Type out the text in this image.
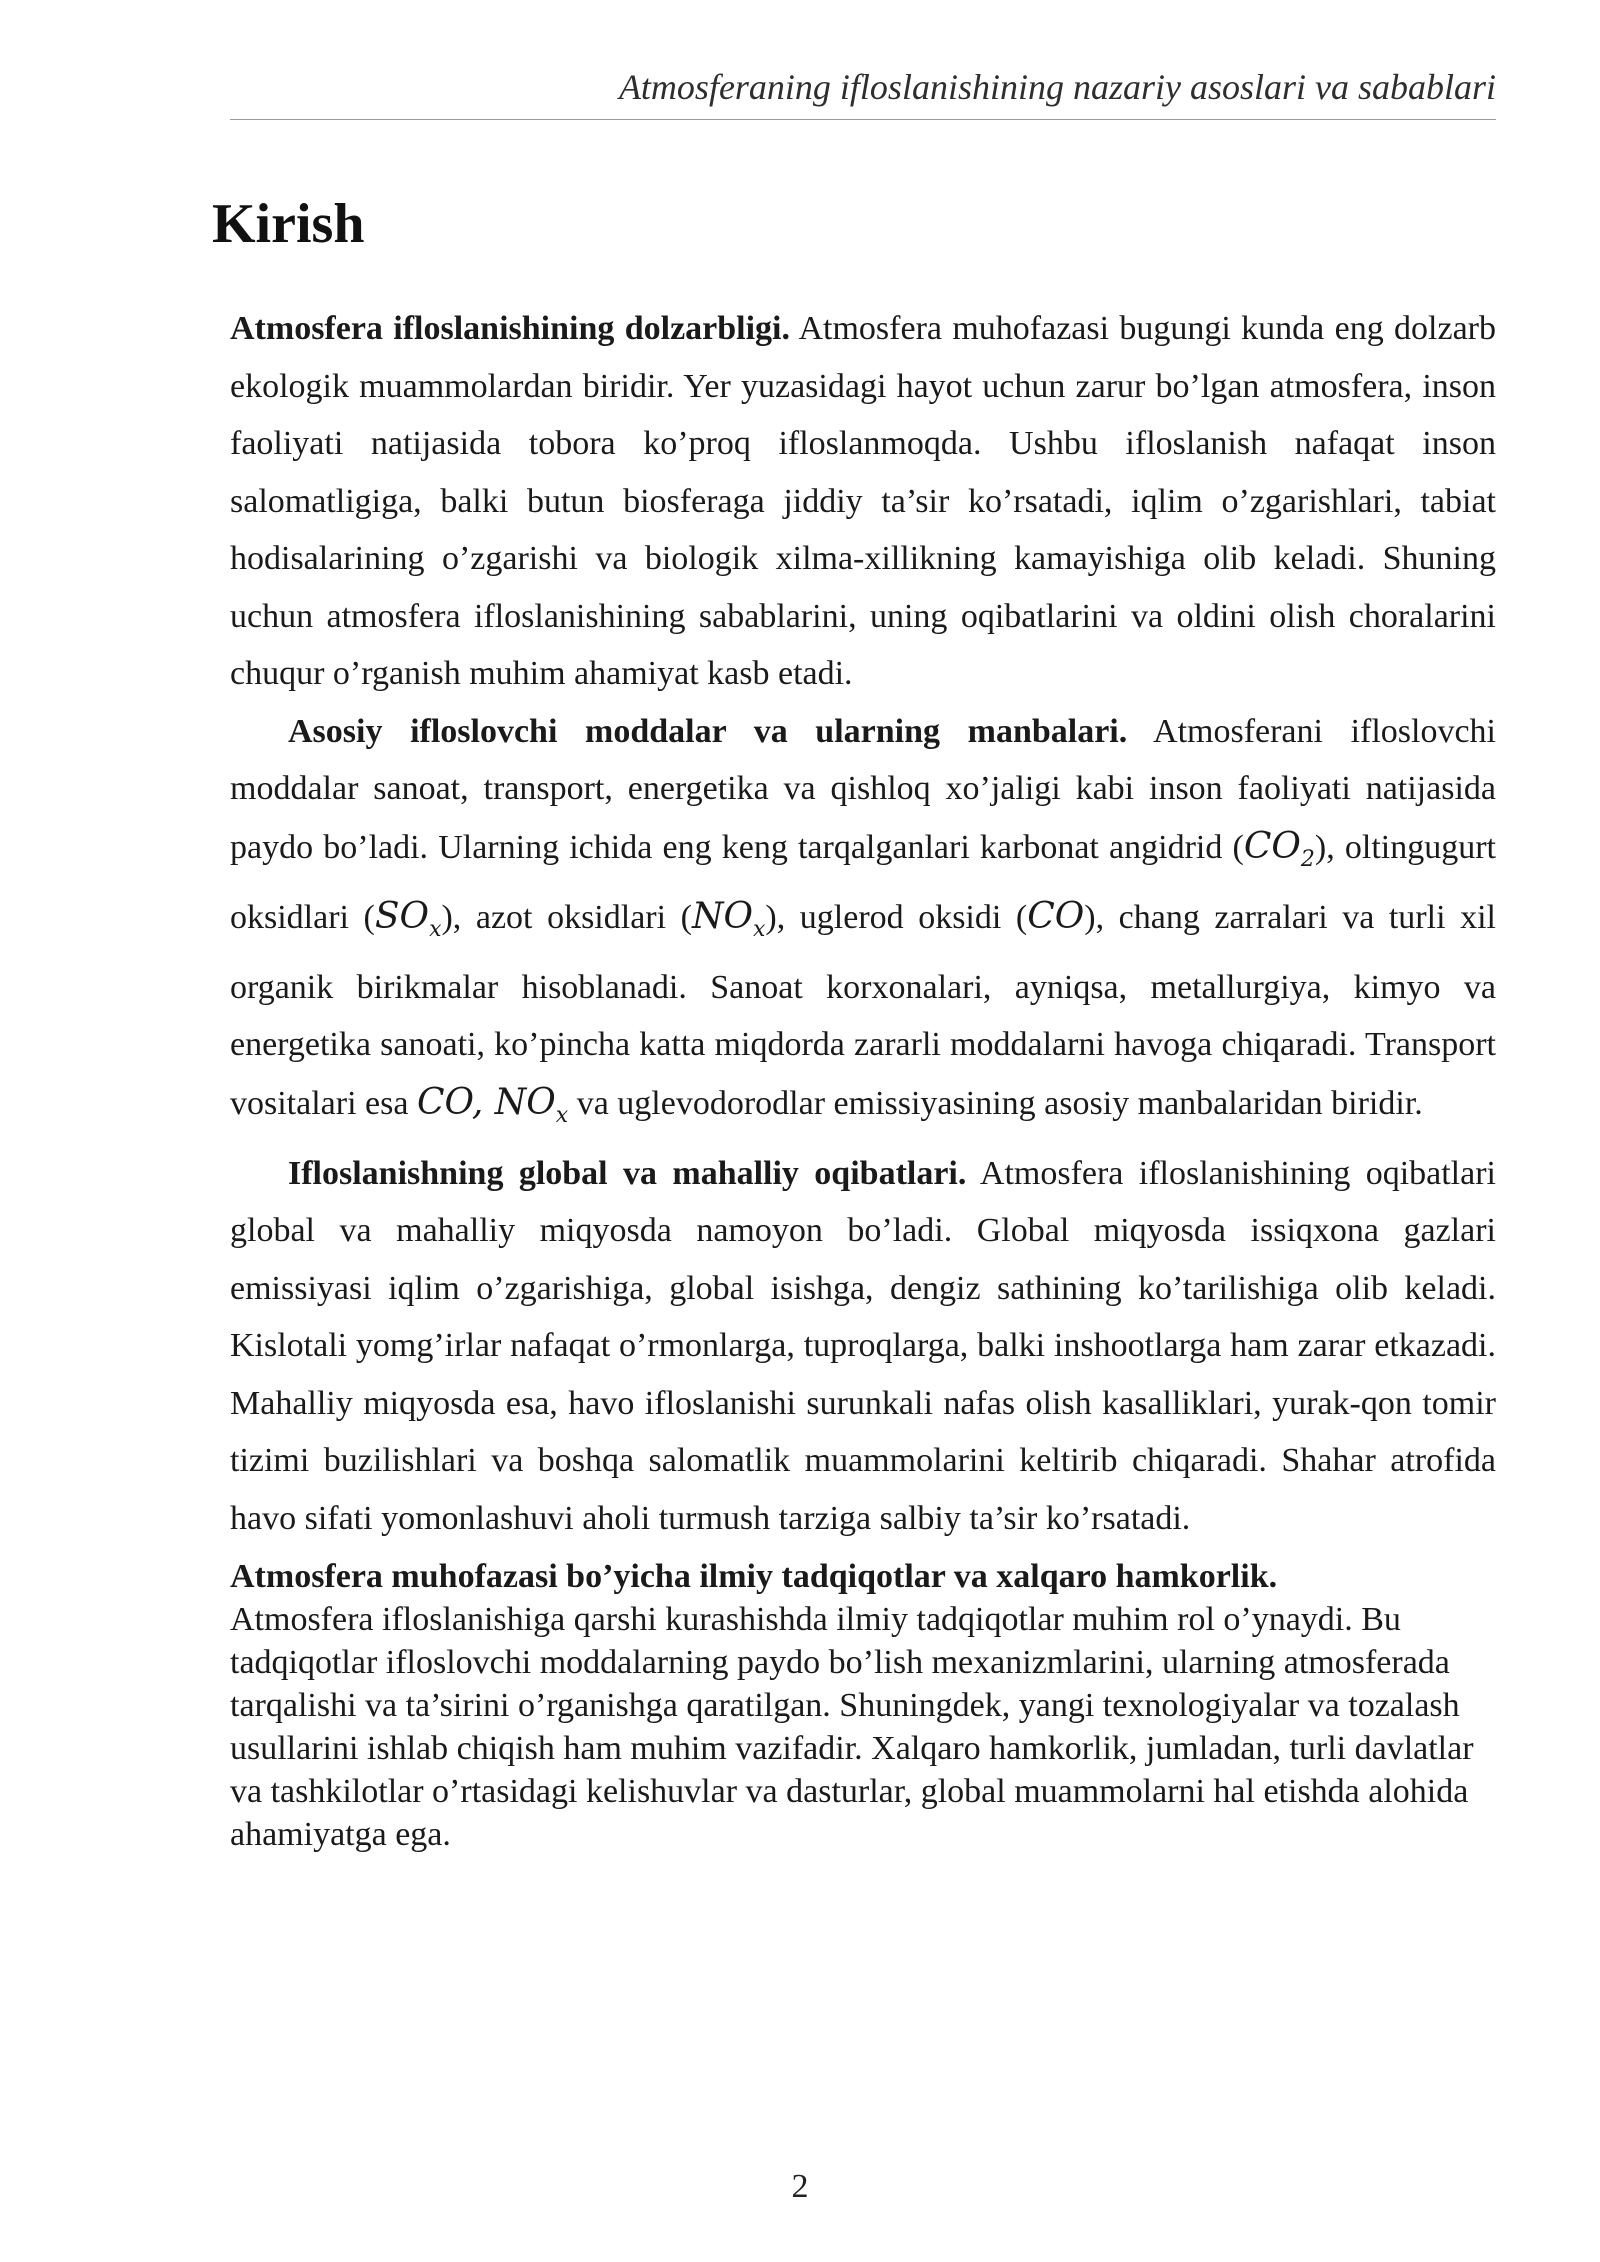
Atmosferaning ifloslanishining nazariy asoslari va sabablari
Kirish

Atmosfera ifloslanishining dolzarbligi. Atmosfera muhofazasi bugungi kunda eng dolzarb ekologik muammolardan biridir. Yer yuzasidagi hayot uchun zarur bo’lgan atmosfera, inson faoliyati natijasida tobora ko’proq ifloslanmoqda. Ushbu ifloslanish nafaqat inson salomatligiga, balki butun biosferaga jiddiy ta’sir ko’rsatadi, iqlim o’zgarishlari, tabiat hodisalarining o’zgarishi va biologik xilma-xillikning kamayishiga olib keladi. Shuning uchun atmosfera ifloslanishining sabablarini, uning oqibatlarini va oldini olish choralarini chuqur o’rganish muhim ahamiyat kasb etadi.

Asosiy ifloslovchi moddalar va ularning manbalari. Atmosferani ifloslovchi moddalar sanoat, transport, energetika va qishloq xo’jaligi kabi inson faoliyati natijasida paydo bo’ladi. Ularning ichida eng keng tarqalganlari karbonat angidrid $(CO_2)$, oltingugurt oksidlari $(SO_x)$, azot oksidlari $(NO_x)$, uglerod oksidi (CO), chang zarralari va turli xil organik birikmalar hisoblanadi. Sanoat korxonalari, ayniqsa, metallurgiya, kimyo va energetika sanoati, ko’pincha katta miqdorda zararli moddalarni havoga chiqaradi. Transport vositalari esa CO, $NO_x$ va uglevodorodlar emissiyasining asosiy manbalaridan biridir.

Ifloslanishning global va mahalliy oqibatlari. Atmosfera ifloslanishining oqibatlari global va mahalliy miqyosda namoyon bo’ladi. Global miqyosda issiqxona gazlari emissiyasi iqlim o’zgarishiga, global isishga, dengiz sathining ko’tarilishiga olib keladi. Kislotali yomg’irlar nafaqat o’rmonlarga, tuproqlarga, balki inshootlarga ham zarar etkazadi. Mahalliy miqyosda esa, havo ifloslanishi surunkali nafas olish kasalliklari, yurak-qon tomir tizimi buzilishlari va boshqa salomatlik muammolarini keltirib chiqaradi. Shahar atrofida havo sifati yomonlashuvi aholi turmush tarziga salbiy ta’sir ko’rsatadi.

Atmosfera muhofazasi bo’yicha ilmiy tadqiqotlar va xalqaro hamkorlik.
Atmosfera ifloslanishiga qarshi kurashishda ilmiy tadqiqotlar muhim rol o’ynaydi. Bu tadqiqotlar ifloslovchi moddalarning paydo bo’lish mexanizmlarini, ularning atmosferada tarqalishi va ta’sirini o’rganishga qaratilgan. Shuningdek, yangi texnologiyalar va tozalash usullarini ishlab chiqish ham muhim vazifadir. Xalqaro hamkorlik, jumladan, turli davlatlar va tashkilotlar o’rtasidagi kelishuvlar va dasturlar, global muammolarni hal etishda alohida ahamiyatga ega.

2
